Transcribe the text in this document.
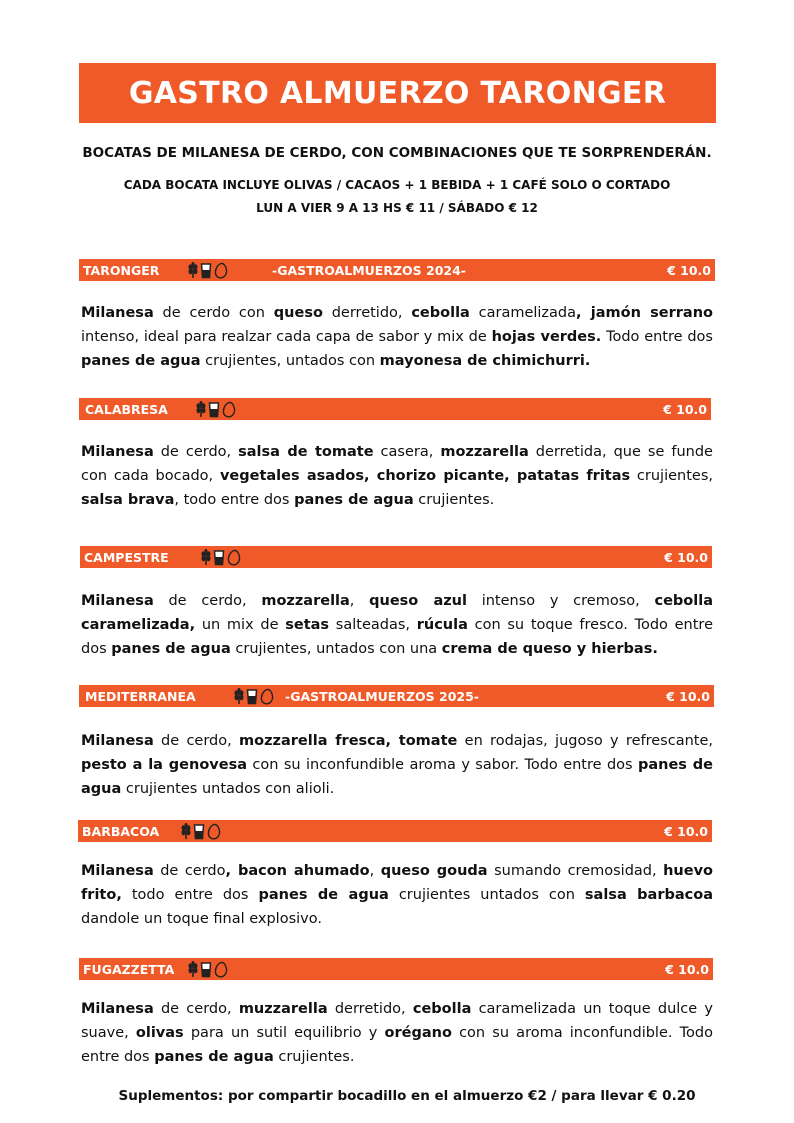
GASTRO ALMUERZO TARONGER
BOCATAS DE MILANESA DE CERDO, CON COMBINACIONES QUE TE SORPRENDERÁN.
CADA BOCATA INCLUYE OLIVAS / CACAOS + 1 BEBIDA + 1 CAFÉ SOLO O CORTADO
LUN A VIER 9 A 13 HS € 11 / SÁBADO € 12
TARONGER	-GASTROALMUERZOS 2024-	€ 10.0
Milanesa de cerdo con queso derretido, cebolla caramelizada, jamón serrano intenso, ideal para realzar cada capa de sabor y mix de hojas verdes. Todo entre dos panes de agua crujientes, untados con mayonesa de chimichurri.
CALABRESA	€ 10.0
Milanesa de cerdo, salsa de tomate casera, mozzarella derretida, que se funde con cada bocado, vegetales asados, chorizo picante, patatas fritas crujientes, salsa brava, todo entre dos panes de agua crujientes.
CAMPESTRE	€ 10.0
Milanesa de cerdo, mozzarella, queso azul intenso y cremoso, cebolla caramelizada, un mix de setas salteadas, rúcula con su toque fresco. Todo entre dos panes de agua crujientes, untados con una crema de queso y hierbas.
MEDITERRANEA	-GASTROALMUERZOS 2025-	€ 10.0
Milanesa de cerdo, mozzarella fresca, tomate en rodajas, jugoso y refrescante, pesto a la genovesa con su inconfundible aroma y sabor. Todo entre dos panes de agua crujientes untados con alioli.
BARBACOA	€ 10.0
Milanesa de cerdo, bacon ahumado, queso gouda sumando cremosidad, huevo frito, todo entre dos panes de agua crujientes untados con salsa barbacoa dandole un toque final explosivo.
FUGAZZETTA	€ 10.0
Milanesa de cerdo, muzzarella derretido, cebolla caramelizada un toque dulce y suave, olivas para un sutil equilibrio y orégano con su aroma inconfundible. Todo entre dos panes de agua crujientes.
Suplementos: por compartir bocadillo en el almuerzo €2 / para llevar € 0.20
